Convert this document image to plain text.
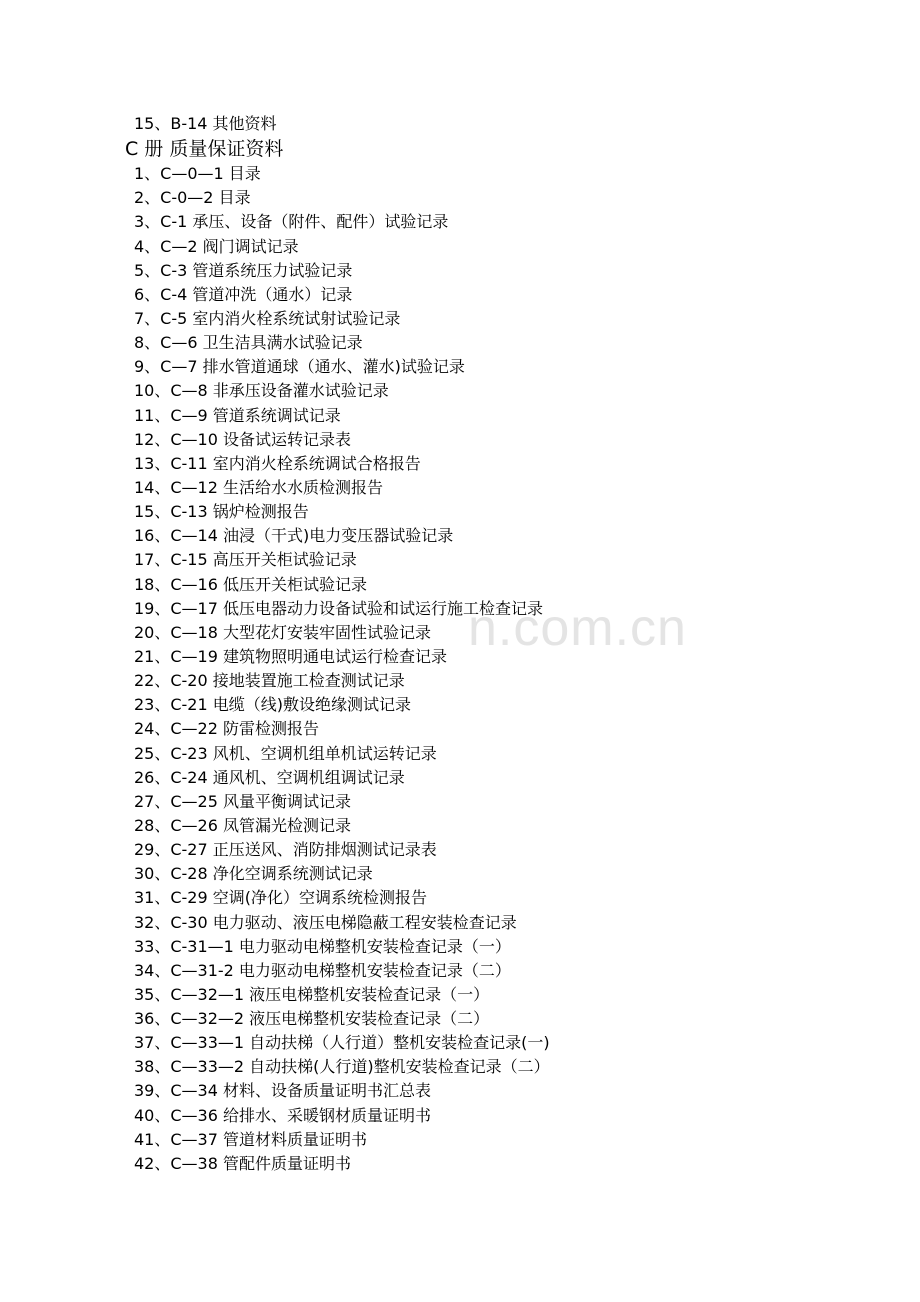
n.com.cn
15、B-14 其他资料
C 册 质量保证资料
1、C—0—1 目录
2、C-0—2 目录
3、C-1 承压、设备（附件、配件）试验记录
4、C—2 阀门调试记录
5、C-3 管道系统压力试验记录
6、C-4 管道冲洗（通水）记录
7、C-5 室内消火栓系统试射试验记录
8、C—6 卫生洁具满水试验记录
9、C—7 排水管道通球（通水、灌水)试验记录
10、C—8 非承压设备灌水试验记录
11、C—9 管道系统调试记录
12、C—10 设备试运转记录表
13、C-11 室内消火栓系统调试合格报告
14、C—12 生活给水水质检测报告
15、C-13 锅炉检测报告
16、C—14 油浸（干式)电力变压器试验记录
17、C-15 高压开关柜试验记录
18、C—16 低压开关柜试验记录
19、C—17 低压电器动力设备试验和试运行施工检查记录
20、C—18 大型花灯安装牢固性试验记录
21、C—19 建筑物照明通电试运行检查记录
22、C-20 接地装置施工检查测试记录
23、C-21 电缆（线)敷设绝缘测试记录
24、C—22 防雷检测报告
25、C-23 风机、空调机组单机试运转记录
26、C-24 通风机、空调机组调试记录
27、C—25 风量平衡调试记录
28、C—26 凤管漏光检测记录
29、C-27 正压送风、消防排烟测试记录表
30、C-28 净化空调系统测试记录
31、C-29 空调(净化）空调系统检测报告
32、C-30 电力驱动、液压电梯隐蔽工程安装检查记录
33、C-31—1 电力驱动电梯整机安装检查记录（一）
34、C—31-2 电力驱动电梯整机安装检查记录（二）
35、C—32—1 液压电梯整机安装检查记录（一）
36、C—32—2 液压电梯整机安装检查记录（二）
37、C—33—1 自动扶梯（人行道）整机安装检查记录(一)
38、C—33—2 自动扶梯(人行道)整机安装检查记录（二）
39、C—34 材料、设备质量证明书汇总表
40、C—36 给排水、采暖钢材质量证明书
41、C—37 管道材料质量证明书
42、C—38 管配件质量证明书
